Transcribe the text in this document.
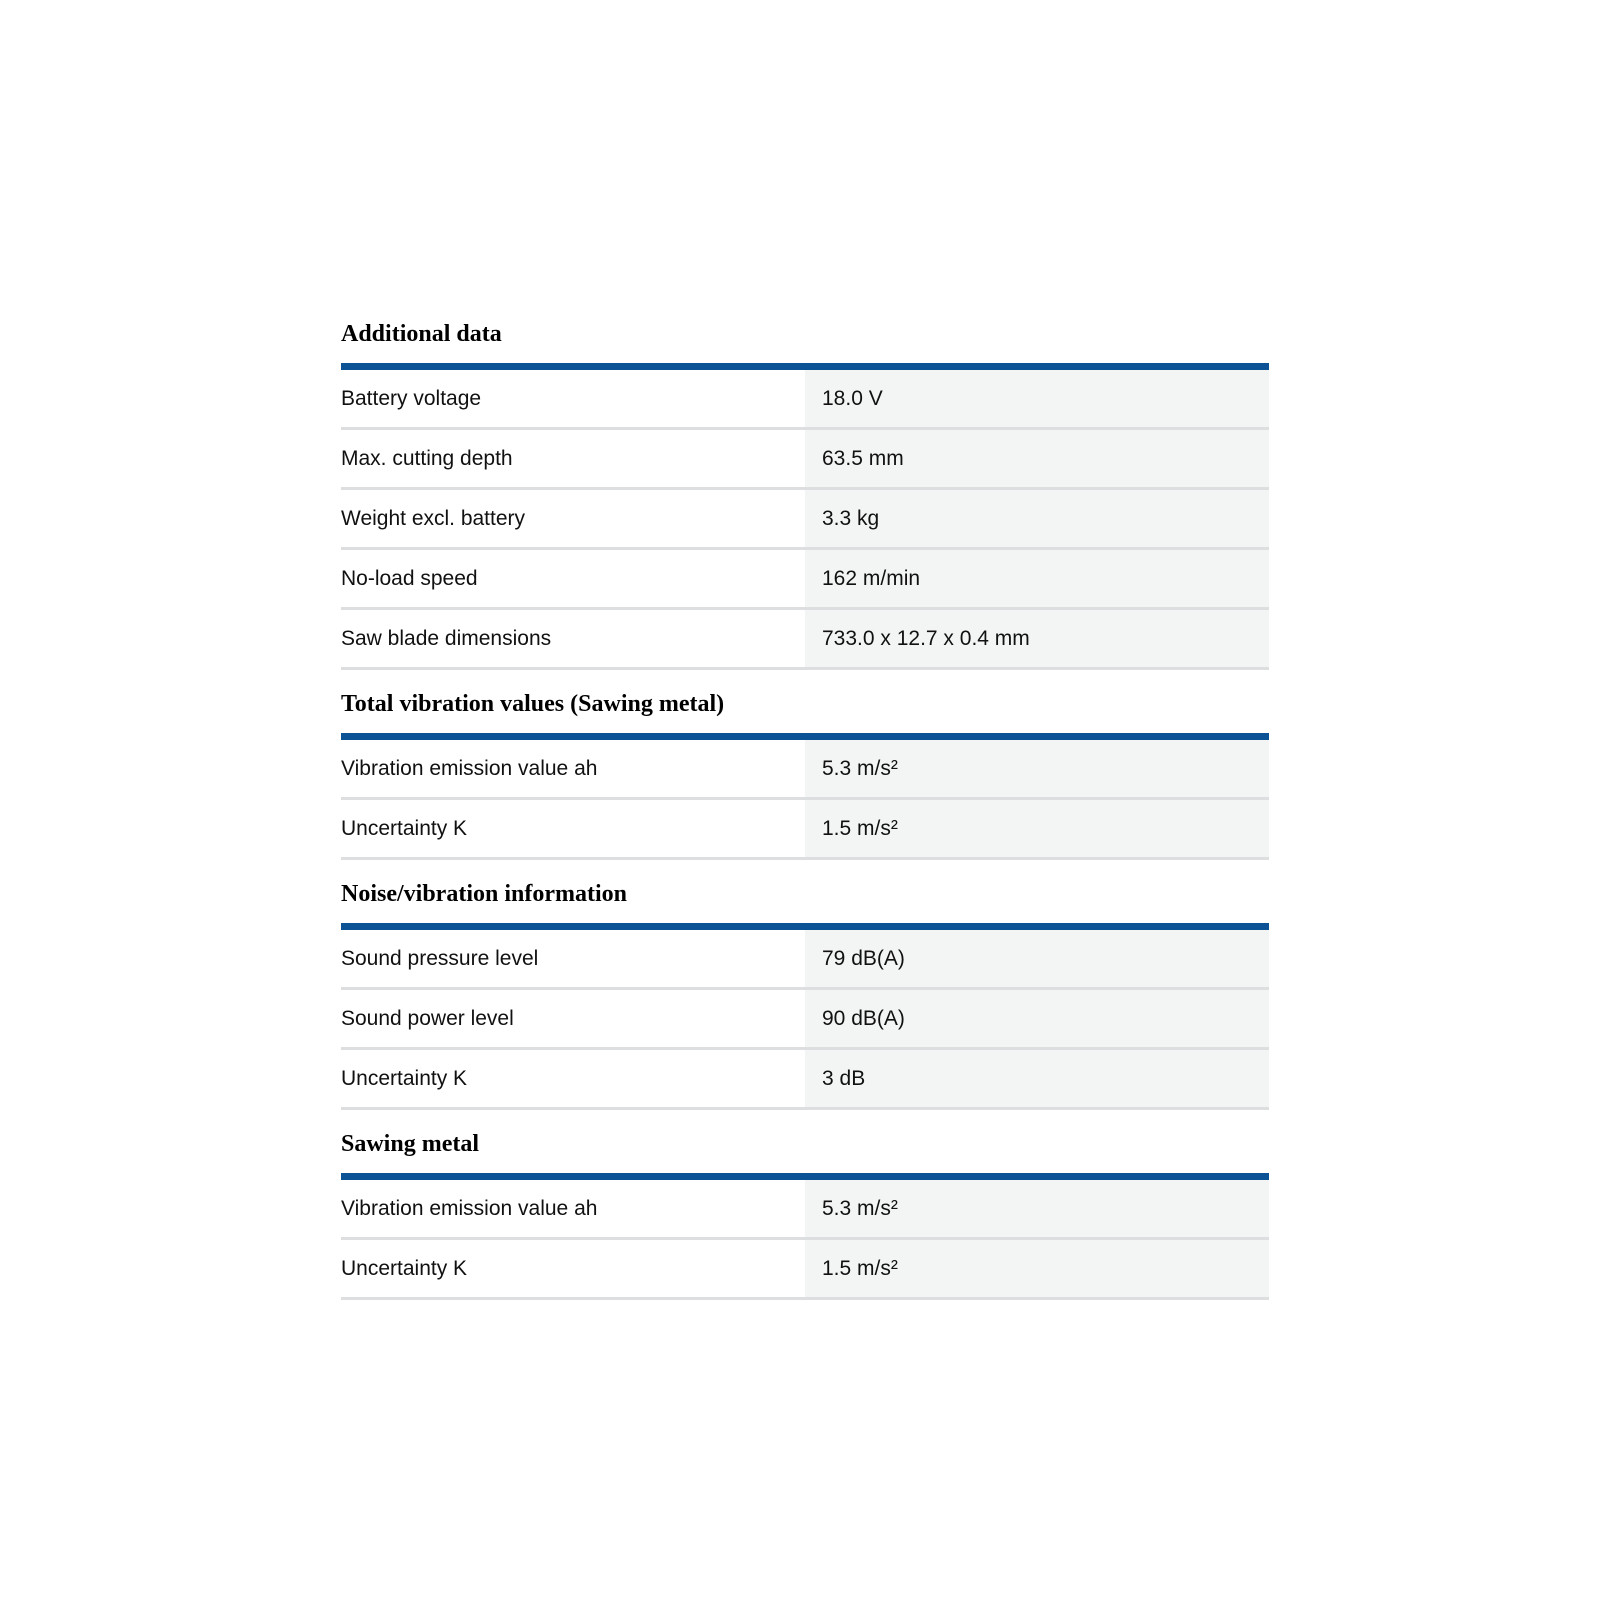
Additional data
Battery voltage	18.0 V
Max. cutting depth	63.5 mm
Weight excl. battery	3.3 kg
No-load speed	162 m/min
Saw blade dimensions	733.0 x 12.7 x 0.4 mm
Total vibration values (Sawing metal)
Vibration emission value ah	5.3 m/s²
Uncertainty K	1.5 m/s²
Noise/vibration information
Sound pressure level	79 dB(A)
Sound power level	90 dB(A)
Uncertainty K	3 dB
Sawing metal
Vibration emission value ah	5.3 m/s²
Uncertainty K	1.5 m/s²
